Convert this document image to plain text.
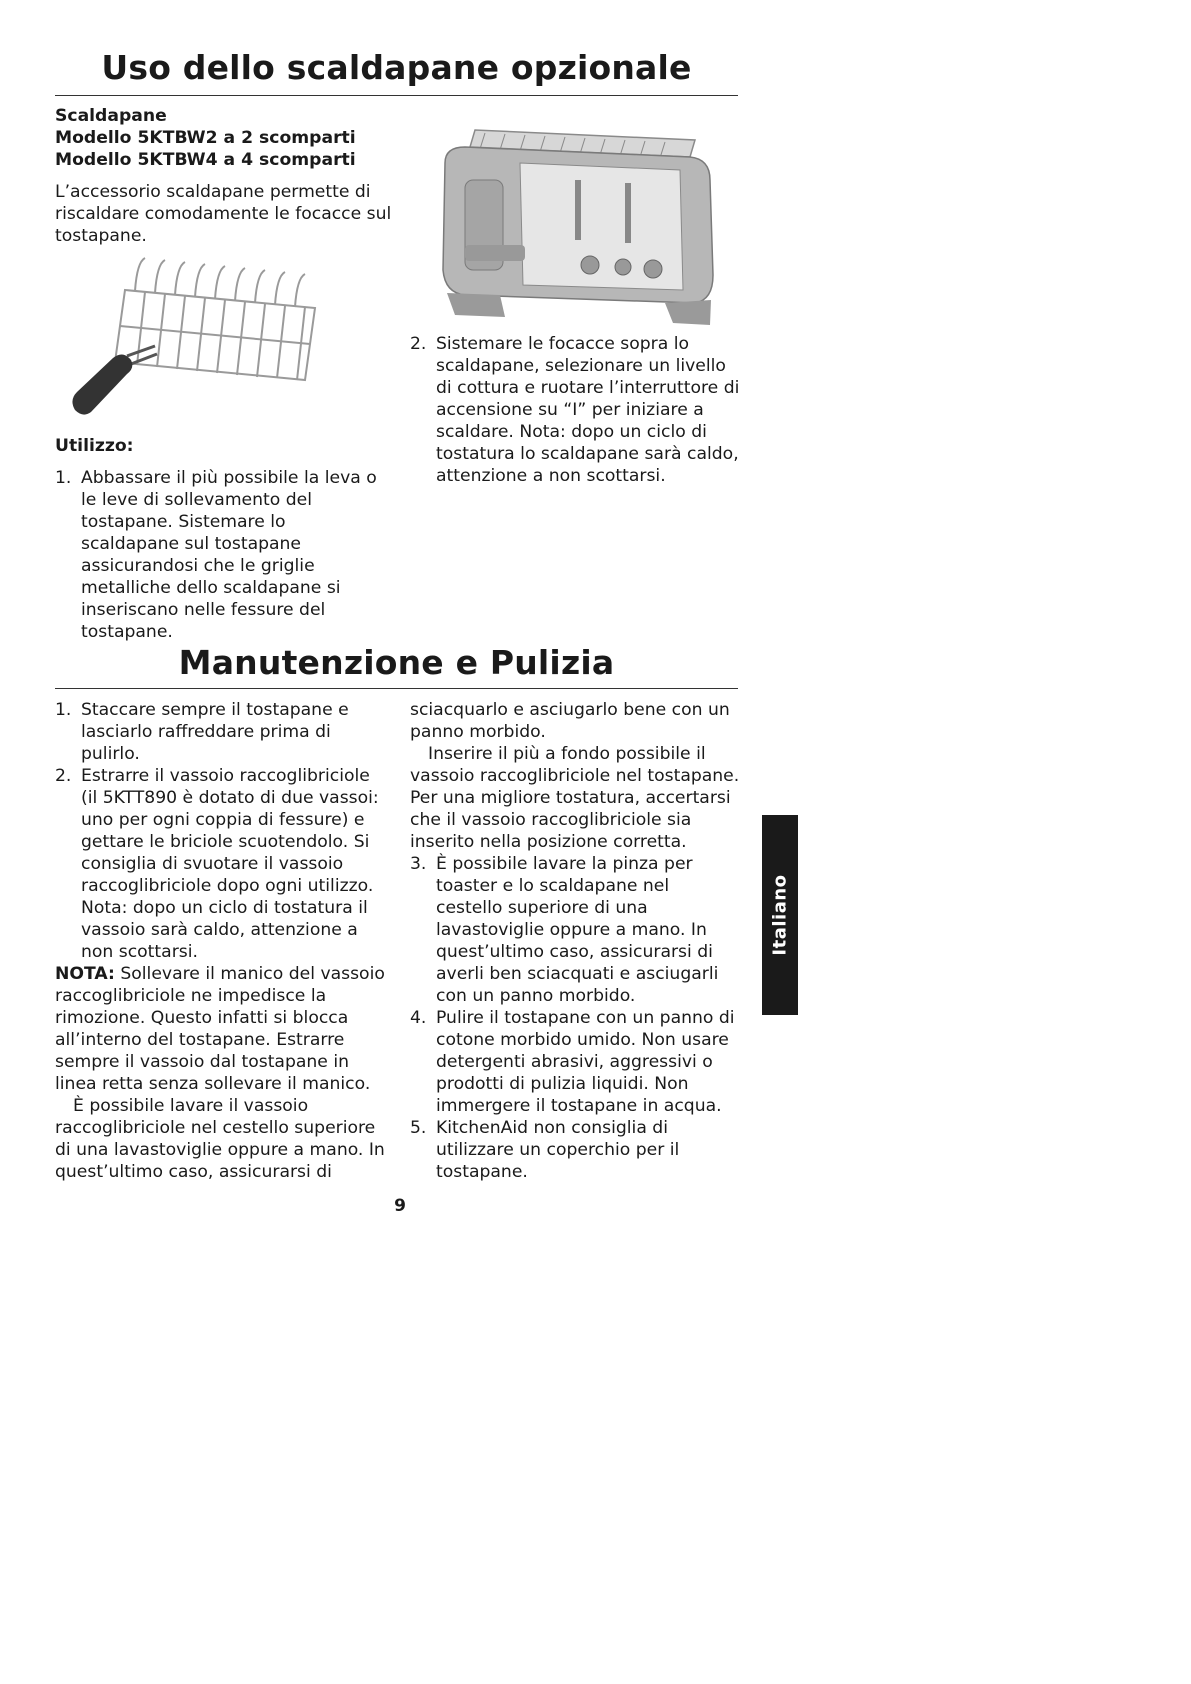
Uso dello scaldapane opzionale
Scaldapane
Modello 5KTBW2 a 2 scomparti
Modello 5KTBW4 a 4 scomparti

L’accessorio scaldapane permette di riscaldare comodamente le focacce sul tostapane.

Utilizzo:
1. Abbassare il più possibile la leva o le leve di sollevamento del tostapane. Sistemare lo scaldapane sul tostapane assicurandosi che le griglie metalliche dello scaldapane si inseriscano nelle fessure del tostapane.
2. Sistemare le focacce sopra lo scaldapane, selezionare un livello di cottura e ruotare l’interruttore di accensione su “I” per iniziare a scaldare. Nota: dopo un ciclo di tostatura lo scaldapane sarà caldo, attenzione a non scottarsi.
Manutenzione e Pulizia
1. Staccare sempre il tostapane e lasciarlo raffreddare prima di pulirlo.
2. Estrarre il vassoio raccoglibriciole (il 5KTT890 è dotato di due vassoi: uno per ogni coppia di fessure) e gettare le briciole scuotendolo. Si consiglia di svuotare il vassoio raccoglibriciole dopo ogni utilizzo. Nota: dopo un ciclo di tostatura il vassoio sarà caldo, attenzione a non scottarsi.

NOTA: Sollevare il manico del vassoio raccoglibriciole ne impedisce la rimozione. Questo infatti si blocca all’interno del tostapane. Estrarre sempre il vassoio dal tostapane in linea retta senza sollevare il manico.

È possibile lavare il vassoio raccoglibriciole nel cestello superiore di una lavastoviglie oppure a mano. In quest’ultimo caso, assicurarsi di

sciacquarlo e asciugarlo bene con un panno morbido.

Inserire il più a fondo possibile il vassoio raccoglibriciole nel tostapane. Per una migliore tostatura, accertarsi che il vassoio raccoglibriciole sia inserito nella posizione corretta.

3. È possibile lavare la pinza per toaster e lo scaldapane nel cestello superiore di una lavastoviglie oppure a mano. In quest’ultimo caso, assicurarsi di averli ben sciacquati e asciugarli con un panno morbido.
4. Pulire il tostapane con un panno di cotone morbido umido. Non usare detergenti abrasivi, aggressivi o prodotti di pulizia liquidi. Non immergere il tostapane in acqua.
5. KitchenAid non consiglia di utilizzare un coperchio per il tostapane.
Italiano
9
